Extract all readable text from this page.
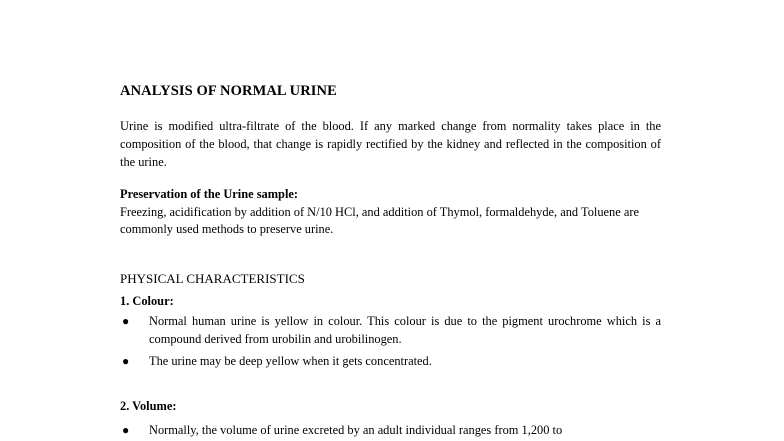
ANALYSIS OF NORMAL URINE
Urine is modified ultra-filtrate of the blood. If any marked change from normality takes place in the composition of the blood, that change is rapidly rectified by the kidney and reflected in the composition of the urine.
Preservation of the Urine sample:
Freezing, acidification by addition of N/10 HCl, and addition of Thymol, formaldehyde, and Toluene are commonly used methods to preserve urine.
PHYSICAL CHARACTERISTICS
1. Colour:
● Normal human urine is yellow in colour. This colour is due to the pigment urochrome which is a compound derived from urobilin and urobilinogen.
● The urine may be deep yellow when it gets concentrated.
2. Volume:
● Normally, the volume of urine excreted by an adult individual ranges from 1,200 to
